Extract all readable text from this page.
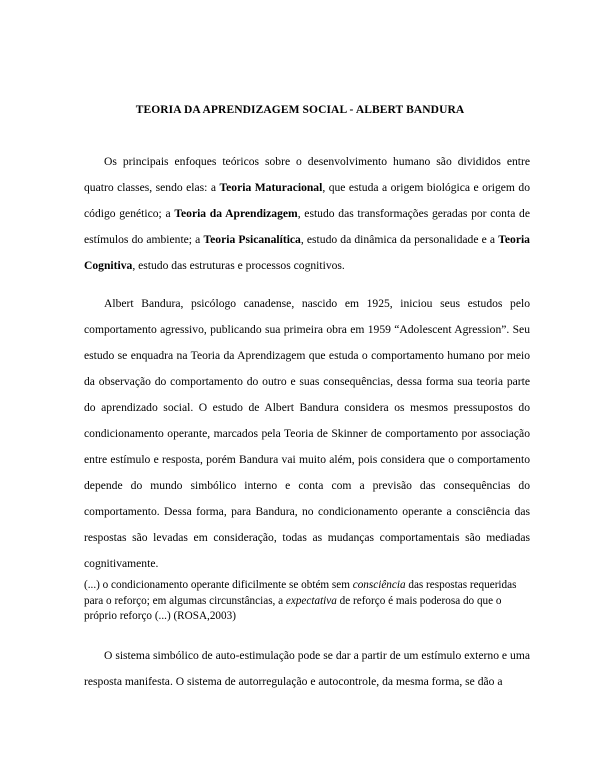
TEORIA DA APRENDIZAGEM SOCIAL - ALBERT BANDURA

Os principais enfoques teóricos sobre o desenvolvimento humano são divididos entre quatro classes, sendo elas: a Teoria Maturacional, que estuda a origem biológica e origem do código genético; a Teoria da Aprendizagem, estudo das transformações geradas por conta de estímulos do ambiente; a Teoria Psicanalítica, estudo da dinâmica da personalidade e a Teoria Cognitiva, estudo das estruturas e processos cognitivos.

Albert Bandura, psicólogo canadense, nascido em 1925, iniciou seus estudos pelo comportamento agressivo, publicando sua primeira obra em 1959 “Adolescent Agression”. Seu estudo se enquadra na Teoria da Aprendizagem que estuda o comportamento humano por meio da observação do comportamento do outro e suas consequências, dessa forma sua teoria parte do aprendizado social. O estudo de Albert Bandura considera os mesmos pressupostos do condicionamento operante, marcados pela Teoria de Skinner de comportamento por associação entre estímulo e resposta, porém Bandura vai muito além, pois considera que o comportamento depende do mundo simbólico interno e conta com a previsão das consequências do comportamento. Dessa forma, para Bandura, no condicionamento operante a consciência das respostas são levadas em consideração, todas as mudanças comportamentais são mediadas cognitivamente.

(...) o condicionamento operante dificilmente se obtém sem consciência das respostas requeridas para o reforço; em algumas circunstâncias, a expectativa de reforço é mais poderosa do que o próprio reforço (...) (ROSA,2003)

O sistema simbólico de auto-estimulação pode se dar a partir de um estímulo externo e uma resposta manifesta. O sistema de autorregulação e autocontrole, da mesma forma, se dão a
